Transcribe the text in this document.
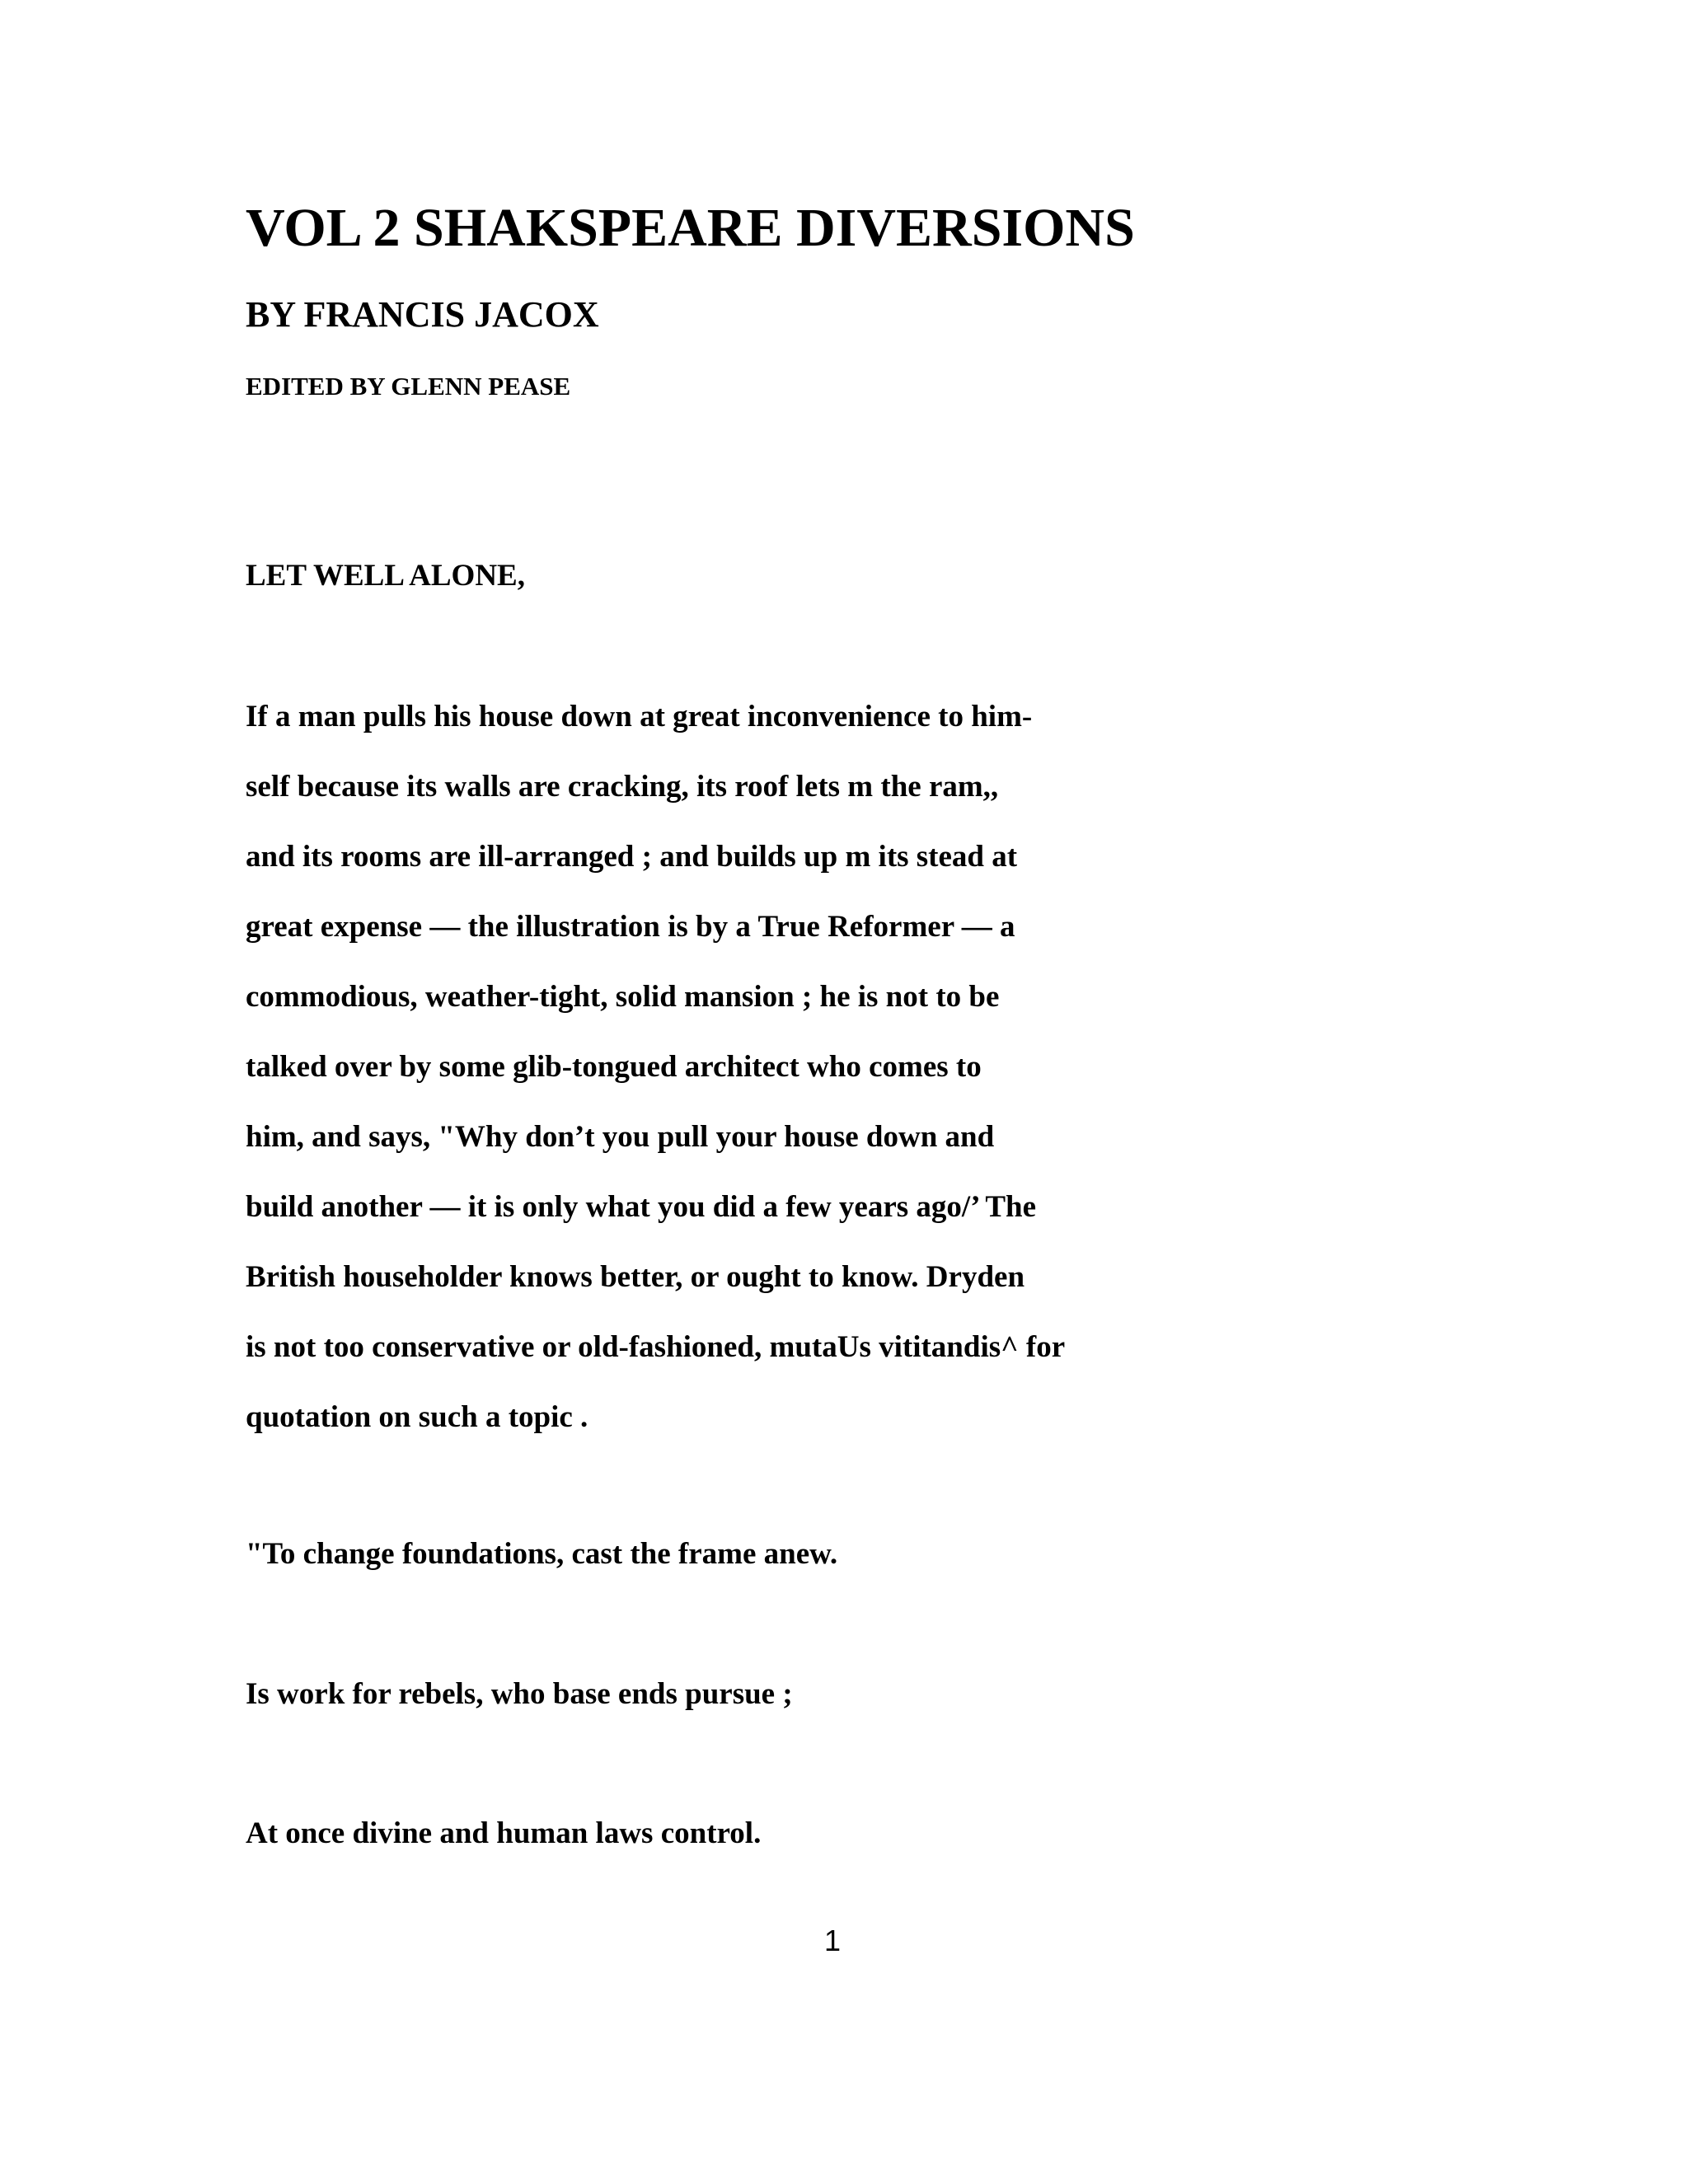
VOL 2 SHAKSPEARE DIVERSIONS
BY FRANCIS JACOX
EDITED BY GLENN PEASE
LET WELL ALONE,
If a man pulls his house down at great inconvenience to him-
self because its walls are cracking, its roof lets m the ram,,
and its rooms are ill-arranged ; and builds up m its stead at
great expense — the illustration is by a True Reformer — a
commodious, weather-tight, solid mansion ; he is not to be
talked over by some glib-tongued architect who comes to
him, and says, "Why don’t you pull your house down and
build another — it is only what you did a few years ago/’ The
British householder knows better, or ought to know. Dryden
is not too conservative or old-fashioned, mutaUs vititandis^ for
quotation on such a topic .
"To change foundations, cast the frame anew.
Is work for rebels, who base ends pursue ;
At once divine and human laws control.
1
